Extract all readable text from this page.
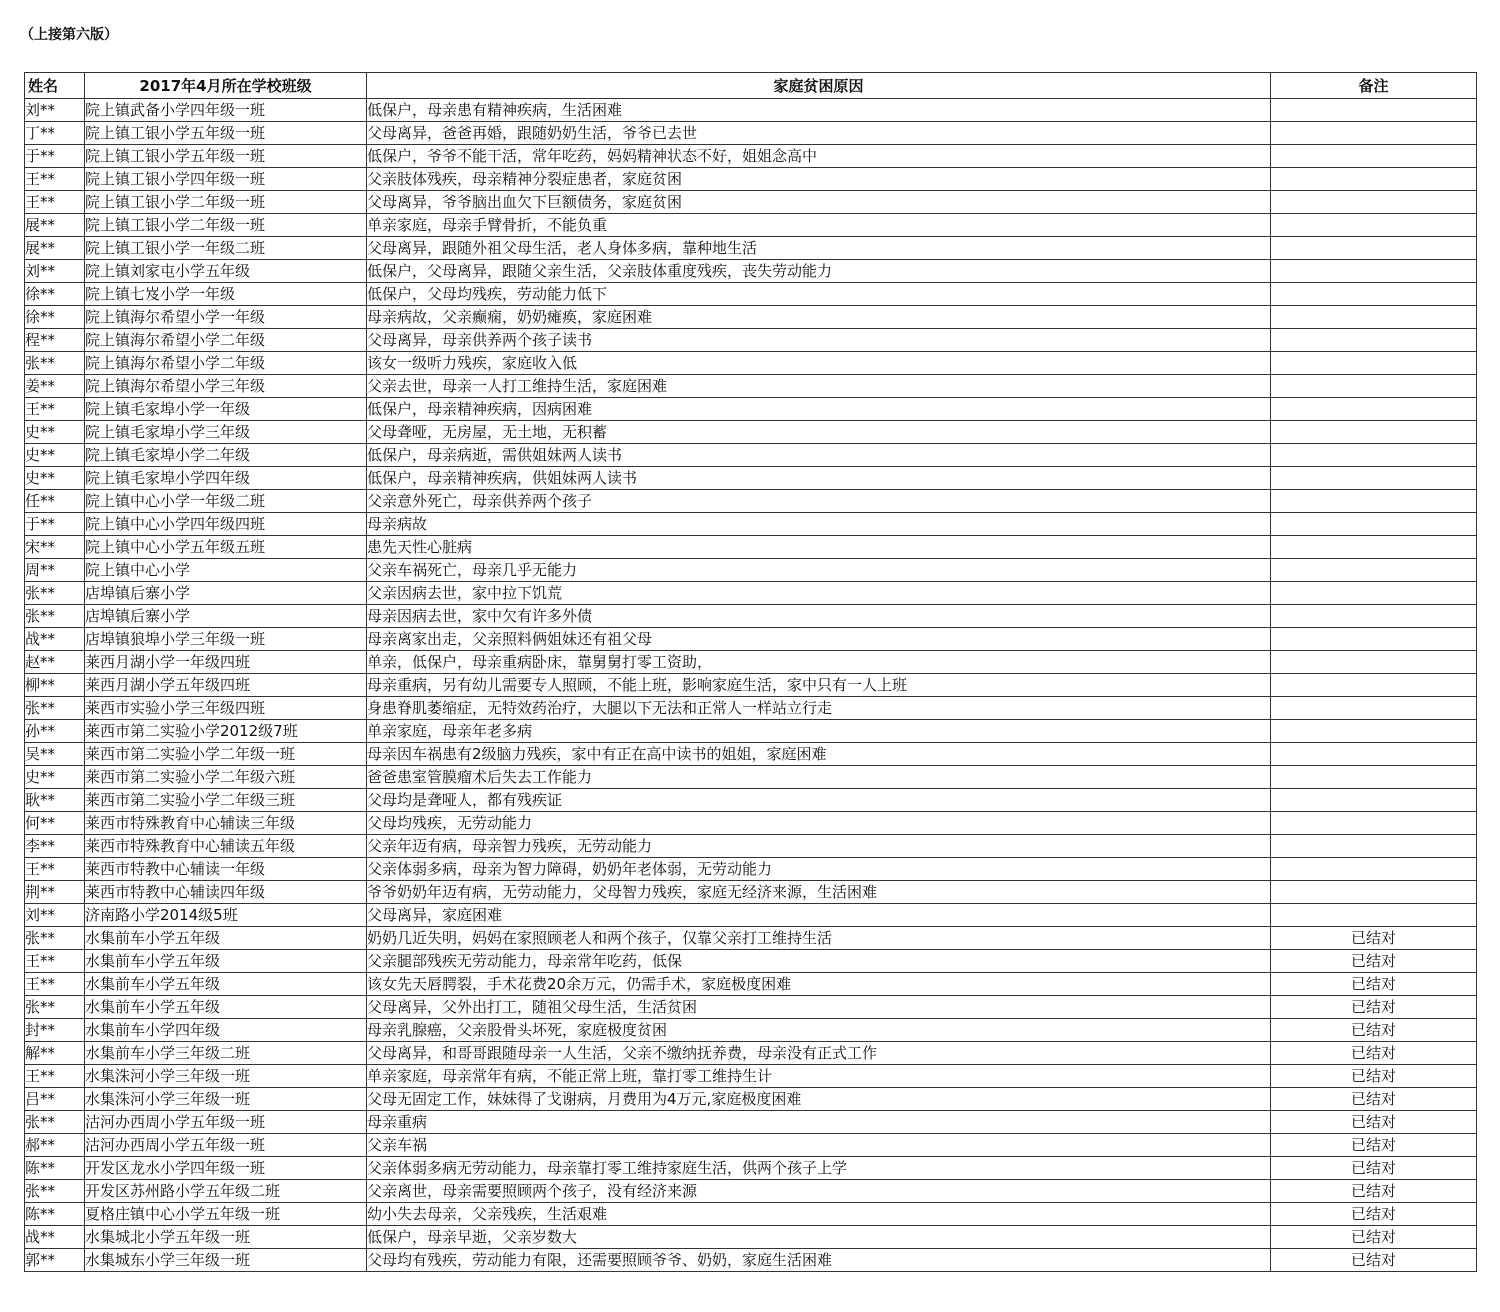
（上接第六版）
姓名	2017年4月所在学校班级	家庭贫困原因	备注
刘**	院上镇武备小学四年级一班	低保户，母亲患有精神疾病，生活困难	
丁**	院上镇工银小学五年级一班	父母离异，爸爸再婚，跟随奶奶生活，爷爷已去世	
于**	院上镇工银小学五年级一班	低保户，爷爷不能干活，常年吃药，妈妈精神状态不好，姐姐念高中	
王**	院上镇工银小学四年级一班	父亲肢体残疾，母亲精神分裂症患者，家庭贫困	
王**	院上镇工银小学二年级一班	父母离异，爷爷脑出血欠下巨额债务，家庭贫困	
展**	院上镇工银小学二年级一班	单亲家庭，母亲手臂骨折，不能负重	
展**	院上镇工银小学一年级二班	父母离异，跟随外祖父母生活，老人身体多病，靠种地生活	
刘**	院上镇刘家屯小学五年级	低保户，父母离异，跟随父亲生活，父亲肢体重度残疾，丧失劳动能力	
徐**	院上镇七岌小学一年级	低保户，父母均残疾，劳动能力低下	
徐**	院上镇海尔希望小学一年级	母亲病故，父亲癫痫，奶奶瘫痪，家庭困难	
程**	院上镇海尔希望小学二年级	父母离异，母亲供养两个孩子读书	
张**	院上镇海尔希望小学二年级	该女一级听力残疾，家庭收入低	
姜**	院上镇海尔希望小学三年级	父亲去世，母亲一人打工维持生活，家庭困难	
王**	院上镇毛家埠小学一年级	低保户，母亲精神疾病，因病困难	
史**	院上镇毛家埠小学三年级	父母聋哑，无房屋，无土地，无积蓄	
史**	院上镇毛家埠小学二年级	低保户，母亲病逝，需供姐妹两人读书	
史**	院上镇毛家埠小学四年级	低保户，母亲精神疾病，供姐妹两人读书	
任**	院上镇中心小学一年级二班	父亲意外死亡，母亲供养两个孩子	
于**	院上镇中心小学四年级四班	母亲病故	
宋**	院上镇中心小学五年级五班	患先天性心脏病	
周**	院上镇中心小学	父亲车祸死亡，母亲几乎无能力	
张**	店埠镇后寨小学	父亲因病去世，家中拉下饥荒	
张**	店埠镇后寨小学	母亲因病去世，家中欠有许多外债	
战**	店埠镇狼埠小学三年级一班	母亲离家出走，父亲照料俩姐妹还有祖父母	
赵**	莱西月湖小学一年级四班	单亲，低保户，母亲重病卧床，靠舅舅打零工资助，	
柳**	莱西月湖小学五年级四班	母亲重病，另有幼儿需要专人照顾，不能上班，影响家庭生活，家中只有一人上班	
张**	莱西市实验小学三年级四班	身患脊肌萎缩症，无特效药治疗，大腿以下无法和正常人一样站立行走	
孙**	莱西市第二实验小学2012级7班	单亲家庭，母亲年老多病	
吴**	莱西市第二实验小学二年级一班	母亲因车祸患有2级脑力残疾，家中有正在高中读书的姐姐，家庭困难	
史**	莱西市第二实验小学二年级六班	爸爸患室管膜瘤术后失去工作能力	
耿**	莱西市第二实验小学二年级三班	父母均是聋哑人，都有残疾证	
何**	莱西市特殊教育中心辅读三年级	父母均残疾，无劳动能力	
李**	莱西市特殊教育中心辅读五年级	父亲年迈有病，母亲智力残疾，无劳动能力	
王**	莱西市特教中心辅读一年级	父亲体弱多病，母亲为智力障碍，奶奶年老体弱，无劳动能力	
荆**	莱西市特教中心辅读四年级	爷爷奶奶年迈有病，无劳动能力，父母智力残疾，家庭无经济来源，生活困难	
刘**	济南路小学2014级5班	父母离异，家庭困难	
张**	水集前车小学五年级	奶奶几近失明，妈妈在家照顾老人和两个孩子，仅靠父亲打工维持生活	已结对
王**	水集前车小学五年级	父亲腿部残疾无劳动能力，母亲常年吃药，低保	已结对
王**	水集前车小学五年级	该女先天唇腭裂，手术花费20余万元，仍需手术，家庭极度困难	已结对
张**	水集前车小学五年级	父母离异，父外出打工，随祖父母生活，生活贫困	已结对
封**	水集前车小学四年级	母亲乳腺癌，父亲股骨头坏死，家庭极度贫困	已结对
解**	水集前车小学三年级二班	父母离异，和哥哥跟随母亲一人生活，父亲不缴纳抚养费，母亲没有正式工作	已结对
王**	水集洙河小学三年级一班	单亲家庭，母亲常年有病，不能正常上班，靠打零工维持生计	已结对
吕**	水集洙河小学三年级一班	父母无固定工作，妹妹得了戈谢病，月费用为4万元,家庭极度困难	已结对
张**	沽河办西周小学五年级一班	母亲重病	已结对
郝**	沽河办西周小学五年级一班	父亲车祸	已结对
陈**	开发区龙水小学四年级一班	父亲体弱多病无劳动能力，母亲靠打零工维持家庭生活，供两个孩子上学	已结对
张**	开发区苏州路小学五年级二班	父亲离世，母亲需要照顾两个孩子，没有经济来源	已结对
陈**	夏格庄镇中心小学五年级一班	幼小失去母亲，父亲残疾，生活艰难	已结对
战**	水集城北小学五年级一班	低保户，母亲早逝，父亲岁数大	已结对
郭**	水集城东小学三年级一班	父母均有残疾，劳动能力有限，还需要照顾爷爷、奶奶，家庭生活困难	已结对
